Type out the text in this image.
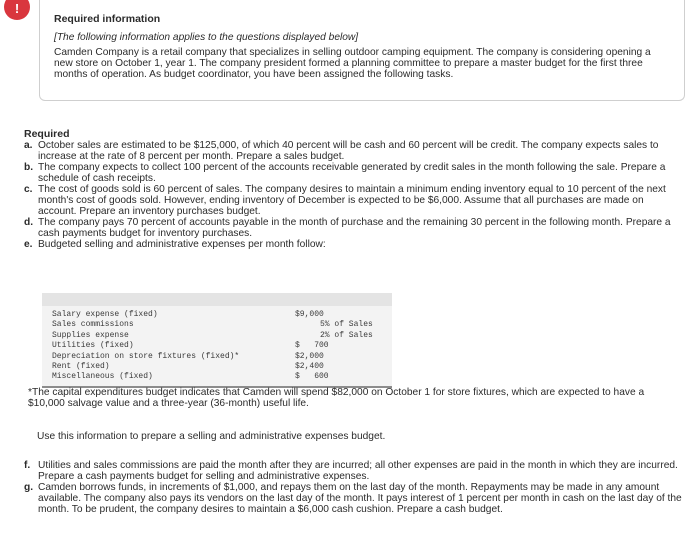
!
Required information
[The following information applies to the questions displayed below]
Camden Company is a retail company that specializes in selling outdoor camping equipment. The company is considering opening a new store on October 1, year 1. The company president formed a planning committee to prepare a master budget for the first three months of operation. As budget coordinator, you have been assigned the following tasks.
Required
a. October sales are estimated to be $125,000, of which 40 percent will be cash and 60 percent will be credit. The company expects sales to increase at the rate of 8 percent per month. Prepare a sales budget.
b. The company expects to collect 100 percent of the accounts receivable generated by credit sales in the month following the sale. Prepare a schedule of cash receipts.
c. The cost of goods sold is 60 percent of sales. The company desires to maintain a minimum ending inventory equal to 10 percent of the next month's cost of goods sold. However, ending inventory of December is expected to be $6,000. Assume that all purchases are made on account. Prepare an inventory purchases budget.
d. The company pays 70 percent of accounts payable in the month of purchase and the remaining 30 percent in the following month. Prepare a cash payments budget for inventory purchases.
e. Budgeted selling and administrative expenses per month follow:
Salary expense (fixed)	$9,000
Sales commissions	5% of Sales
Supplies expense	2% of Sales
Utilities (fixed)	$   700
Depreciation on store fixtures (fixed)*	$2,000
Rent (fixed)	$2,400
Miscellaneous (fixed)	$   600
*The capital expenditures budget indicates that Camden will spend $82,000 on October 1 for store fixtures, which are expected to have a $10,000 salvage value and a three-year (36-month) useful life.
Use this information to prepare a selling and administrative expenses budget.
f. Utilities and sales commissions are paid the month after they are incurred; all other expenses are paid in the month in which they are incurred. Prepare a cash payments budget for selling and administrative expenses.
g. Camden borrows funds, in increments of $1,000, and repays them on the last day of the month. Repayments may be made in any amount available. The company also pays its vendors on the last day of the month. It pays interest of 1 percent per month in cash on the last day of the month. To be prudent, the company desires to maintain a $6,000 cash cushion. Prepare a cash budget.
